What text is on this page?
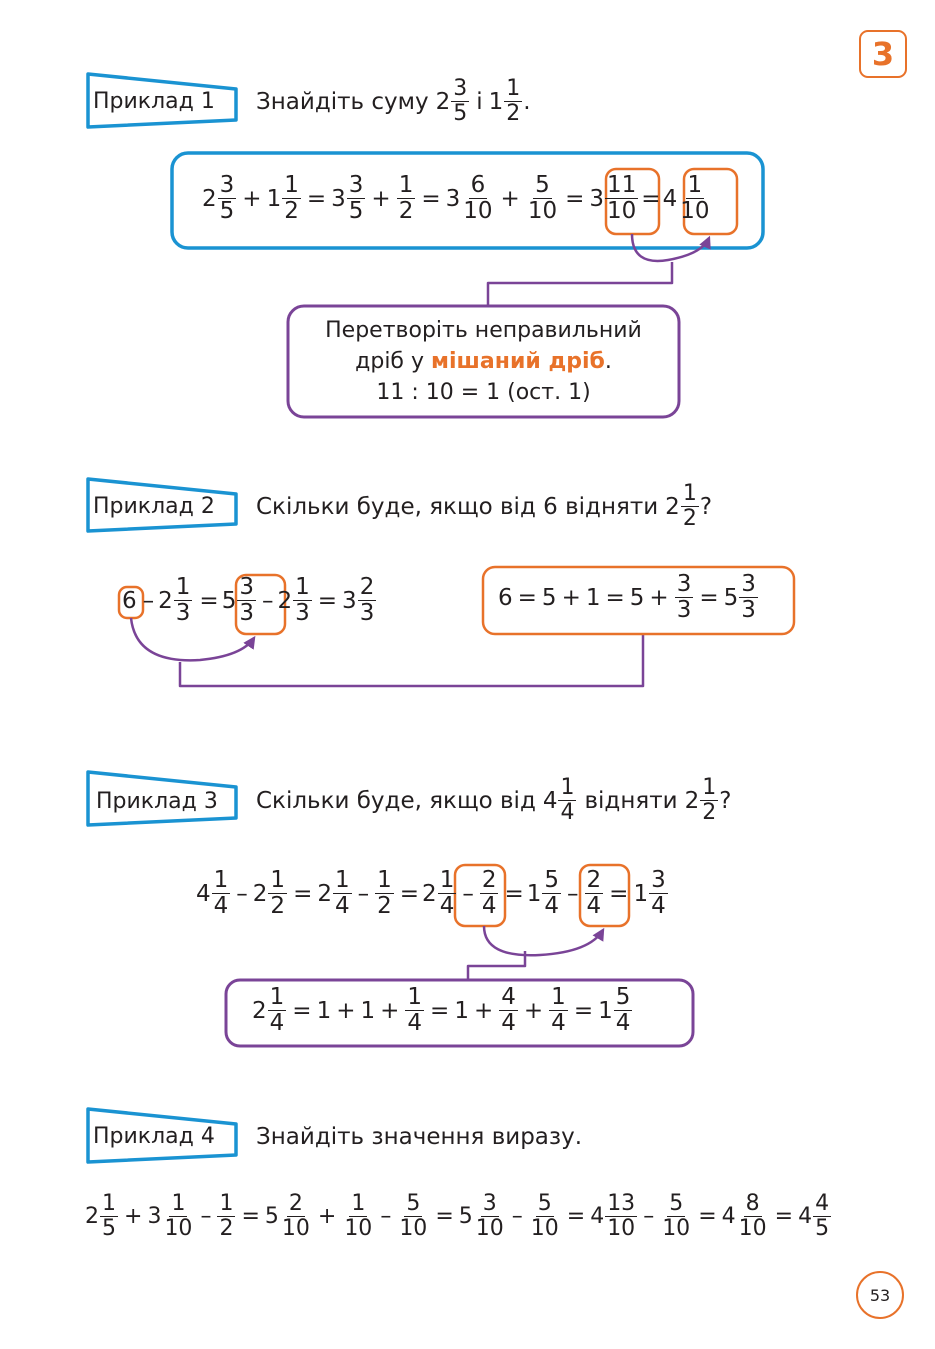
3
Приклад 1 Знайдіть суму $2 \frac{3}{5}$ і $1 \frac{1}{2}$ .
$2 \frac{3}{5} + 1 \frac{1}{2} = 3 \frac{3}{5} + \frac{1}{2} = 3 \frac{6}{10} + \frac{5}{10} = 3 \frac{11}{10} = 4 \frac{1}{10}$
Перетворіть неправильний
дріб у мішаний дріб.
11 : 10 = 1 (ост. 1)
Приклад 2 Скільки буде, якщо від 6 відняти $2 \frac{1}{2}$ ?
$6 - 2 \frac{1}{3} = 5 \frac{3}{3} - 2 \frac{1}{3} = 3 \frac{2}{3}$	$6 = 5 + 1 = 5 + \frac{3}{3} = 5 \frac{3}{3}$
Приклад 3 Скільки буде, якщо від $4 \frac{1}{4}$ відняти $2 \frac{1}{2}$ ?
$4 \frac{1}{4} - 2 \frac{1}{2} = 2 \frac{1}{4} - \frac{1}{2} = 2 \frac{1}{4} - \frac{2}{4} = 1 \frac{5}{4} - \frac{2}{4} = 1 \frac{3}{4}$
$2 \frac{1}{4} = 1 + 1 + \frac{1}{4} = 1 + \frac{4}{4} + \frac{1}{4} = 1 \frac{5}{4}$
Приклад 4 Знайдіть значення виразу.
$2 \frac{1}{5} + 3 \frac{1}{10} - \frac{1}{2} = 5 \frac{2}{10} + \frac{1}{10} - \frac{5}{10} = 5 \frac{3}{10} - \frac{5}{10} = 4 \frac{13}{10} - \frac{5}{10} = 4 \frac{8}{10} = 4 \frac{4}{5}$
53
